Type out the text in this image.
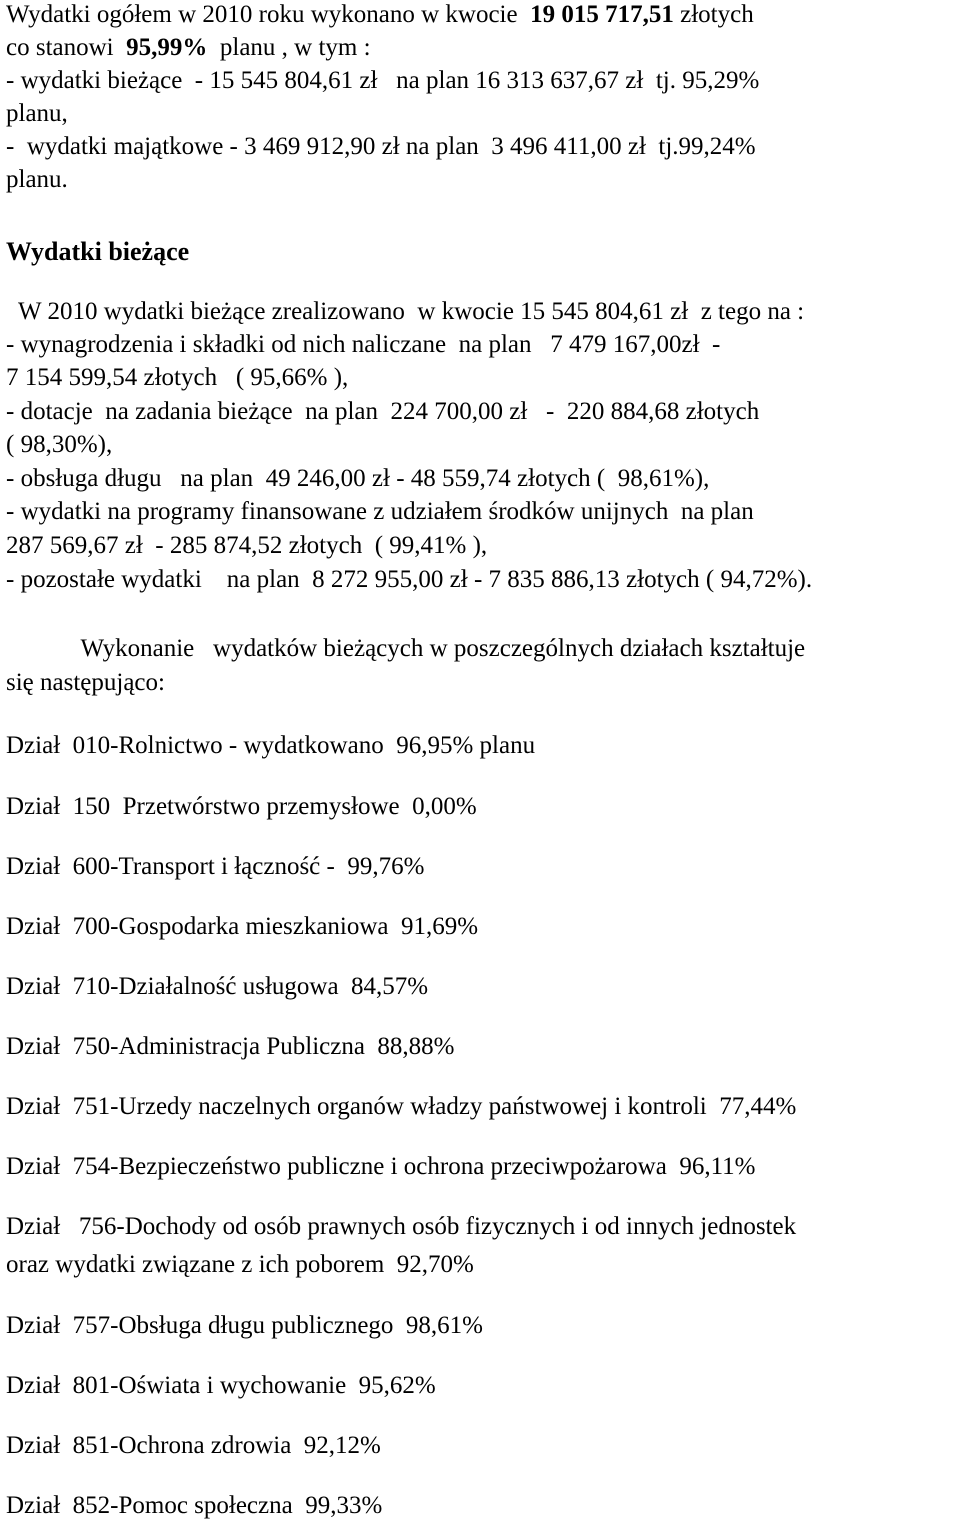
Wydatki ogółem w 2010 roku wykonano w kwocie  19 015 717,51 złotych
co stanowi  95,99%  planu , w tym :
- wydatki bieżące  - 15 545 804,61 zł   na plan 16 313 637,67 zł  tj. 95,29%
planu,
-  wydatki majątkowe - 3 469 912,90 zł na plan  3 496 411,00 zł  tj.99,24%
planu.
Wydatki bieżące
W 2010 wydatki bieżące zrealizowano  w kwocie 15 545 804,61 zł  z tego na :
- wynagrodzenia i składki od nich naliczane  na plan   7 479 167,00zł  -
7 154 599,54 złotych   ( 95,66% ),
- dotacje  na zadania bieżące  na plan  224 700,00 zł   -  220 884,68 złotych
( 98,30%),
- obsługa długu   na plan  49 246,00 zł - 48 559,74 złotych (  98,61%),
- wydatki na programy finansowane z udziałem środków unijnych  na plan
287 569,67 zł  - 285 874,52 złotych  ( 99,41% ),
- pozostałe wydatki    na plan  8 272 955,00 zł - 7 835 886,13 złotych ( 94,72%).
Wykonanie   wydatków bieżących w poszczególnych działach kształtuje
się następująco:
Dział  010-Rolnictwo - wydatkowano  96,95% planu
Dział  150  Przetwórstwo przemysłowe  0,00%
Dział  600-Transport i łączność -  99,76%
Dział  700-Gospodarka mieszkaniowa  91,69%
Dział  710-Działalność usługowa  84,57%
Dział  750-Administracja Publiczna  88,88%
Dział  751-Urzedy naczelnych organów władzy państwowej i kontroli  77,44%
Dział  754-Bezpieczeństwo publiczne i ochrona przeciwpożarowa  96,11%
Dział   756-Dochody od osób prawnych osób fizycznych i od innych jednostek
oraz wydatki związane z ich poborem  92,70%
Dział  757-Obsługa długu publicznego  98,61%
Dział  801-Oświata i wychowanie  95,62%
Dział  851-Ochrona zdrowia  92,12%
Dział  852-Pomoc społeczna  99,33%
